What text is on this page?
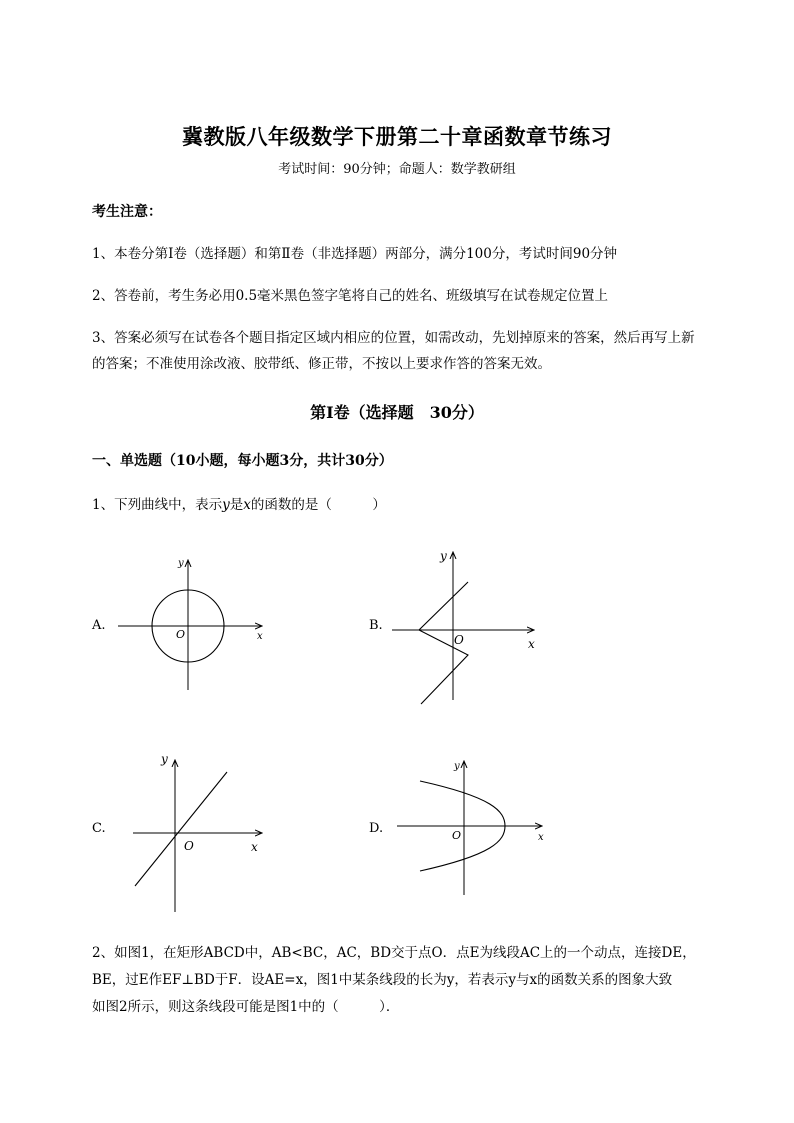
冀教版八年级数学下册第二十章函数章节练习
考试时间：90分钟；命题人：数学教研组
考生注意：
1、本卷分第I卷（选择题）和第Ⅱ卷（非选择题）两部分，满分100分，考试时间90分钟
2、答卷前，考生务必用0.5毫米黑色签字笔将自己的姓名、班级填写在试卷规定位置上
3、答案必须写在试卷各个题目指定区域内相应的位置，如需改动，先划掉原来的答案，然后再写上新
的答案；不准使用涂改液、胶带纸、修正带，不按以上要求作答的答案无效。
第I卷（选择题　30分）
一、单选题（10小题，每小题3分，共计30分）
1、下列曲线中，表示y是x的函数的是（　　　）
A.	B.
C.	D.
x
y
O
x
y
O
x
y
O
x
y
O
2、如图1，在矩形ABCD中，AB<BC，AC，BD交于点O．点E为线段AC上的一个动点，连接DE，
BE，过E作EF⊥BD于F．设AE=x，图1中某条线段的长为y，若表示y与x的函数关系的图象大致
如图2所示，则这条线段可能是图1中的（　　　）．
